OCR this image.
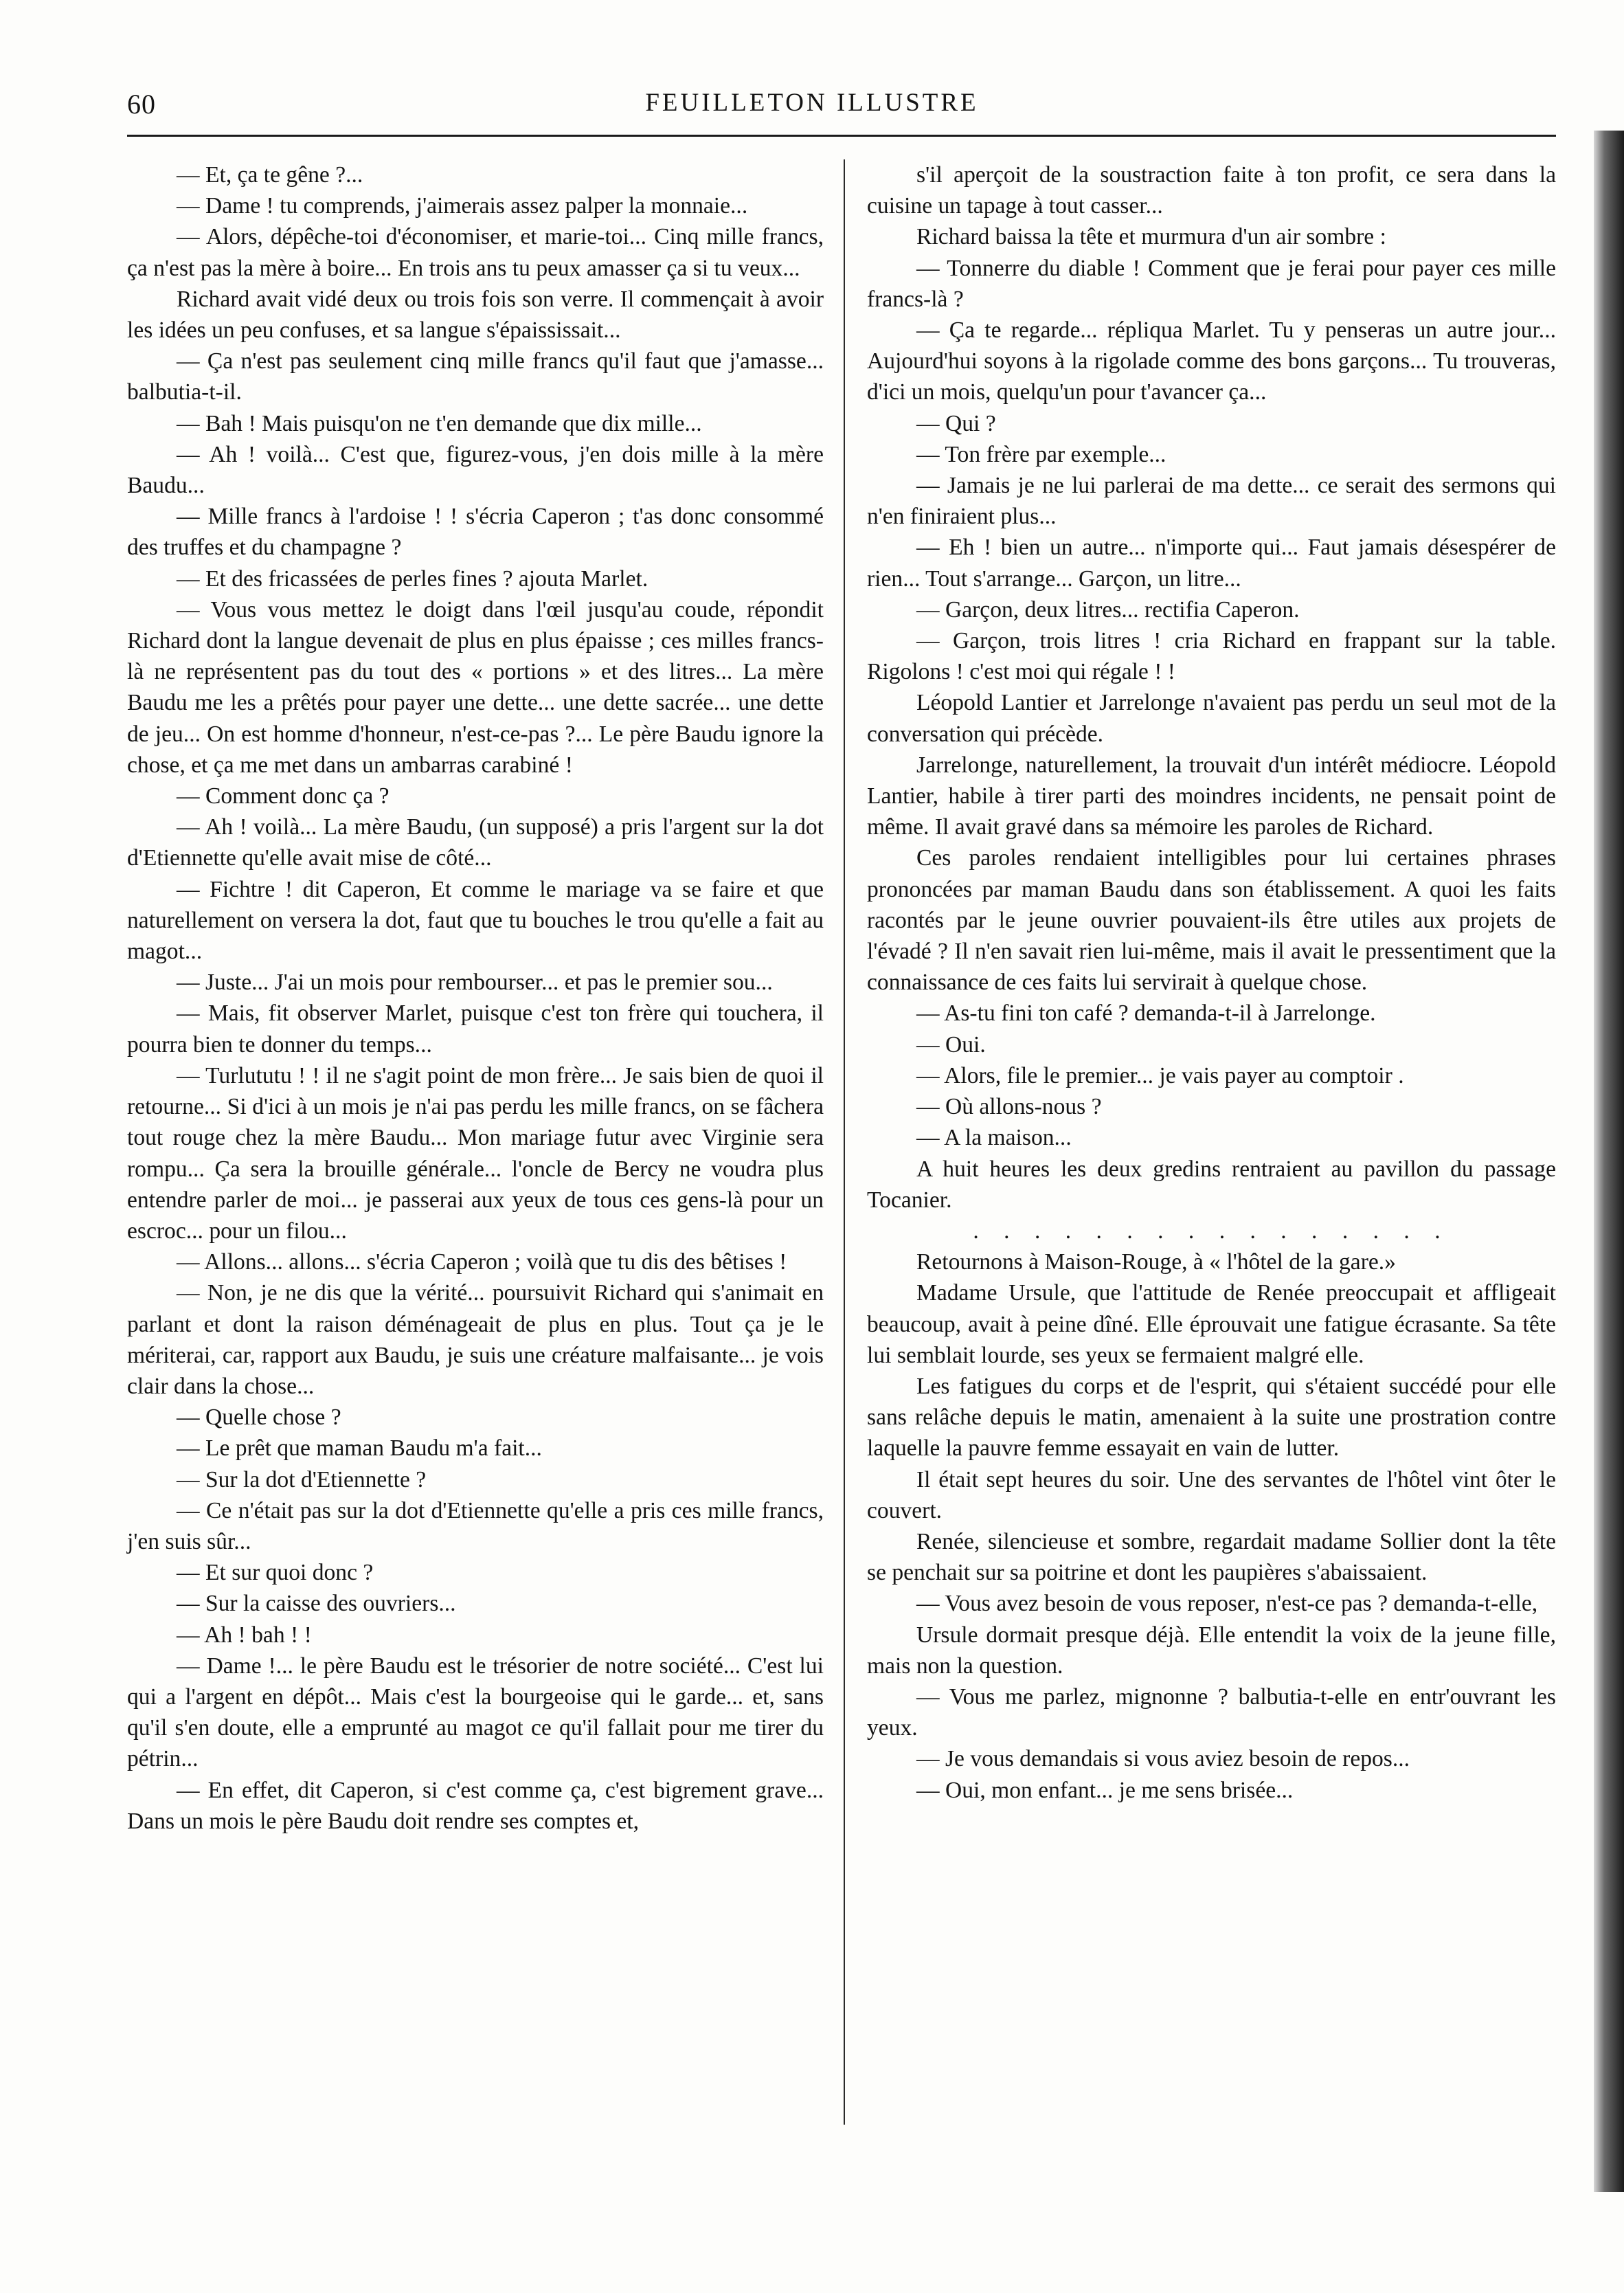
60	FEUILLETON ILLUSTRE

— Et, ça te gêne ?...

— Dame ! tu comprends, j'aimerais assez palper la monnaie...

— Alors, dépêche-toi d'économiser, et marie-toi... Cinq mille francs, ça n'est pas la mère à boire... En trois ans tu peux amasser ça si tu veux...

Richard avait vidé deux ou trois fois son verre. Il commençait à avoir les idées un peu confuses, et sa langue s'épaississait...

— Ça n'est pas seulement cinq mille francs qu'il faut que j'amasse... balbutia-t-il.

— Bah ! Mais puisqu'on ne t'en demande que dix mille...

— Ah ! voilà... C'est que, figurez-vous, j'en dois mille à la mère Baudu...

— Mille francs à l'ardoise ! ! s'écria Caperon ; t'as donc consommé des truffes et du champagne ?

— Et des fricassées de perles fines ? ajouta Marlet.

— Vous vous mettez le doigt dans l'œil jusqu'au coude, répondit Richard dont la langue devenait de plus en plus épaisse ; ces milles francs-là ne représentent pas du tout des « portions » et des litres... La mère Baudu me les a prêtés pour payer une dette... une dette sacrée... une dette de jeu... On est homme d'honneur, n'est-ce-pas ?... Le père Baudu ignore la chose, et ça me met dans un ambarras carabiné !

— Comment donc ça ?

— Ah ! voilà... La mère Baudu, (un supposé) a pris l'argent sur la dot d'Etiennette qu'elle avait mise de côté...

— Fichtre ! dit Caperon, Et comme le mariage va se faire et que naturellement on versera la dot, faut que tu bouches le trou qu'elle a fait au magot...

— Juste... J'ai un mois pour rembourser... et pas le premier sou...

— Mais, fit observer Marlet, puisque c'est ton frère qui touchera, il pourra bien te donner du temps...

— Turlututu ! ! il ne s'agit point de mon frère... Je sais bien de quoi il retourne... Si d'ici à un mois je n'ai pas perdu les mille francs, on se fâchera tout rouge chez la mère Baudu... Mon mariage futur avec Virginie sera rompu... Ça sera la brouille générale... l'oncle de Bercy ne voudra plus entendre parler de moi... je passerai aux yeux de tous ces gens-là pour un escroc... pour un filou...

— Allons... allons... s'écria Caperon ; voilà que tu dis des bêtises !

— Non, je ne dis que la vérité... poursuivit Richard qui s'animait en parlant et dont la raison déménageait de plus en plus. Tout ça je le mériterai, car, rapport aux Baudu, je suis une créature malfaisante... je vois clair dans la chose...

— Quelle chose ?

— Le prêt que maman Baudu m'a fait...

— Sur la dot d'Etiennette ?

— Ce n'était pas sur la dot d'Etiennette qu'elle a pris ces mille francs, j'en suis sûr...

— Et sur quoi donc ?

— Sur la caisse des ouvriers...

— Ah ! bah ! !

— Dame !... le père Baudu est le trésorier de notre société... C'est lui qui a l'argent en dépôt... Mais c'est la bourgeoise qui le garde... et, sans qu'il s'en doute, elle a emprunté au magot ce qu'il fallait pour me tirer du pétrin...

— En effet, dit Caperon, si c'est comme ça, c'est bigrement grave... Dans un mois le père Baudu doit rendre ses comptes et,

s'il aperçoit de la soustraction faite à ton profit, ce sera dans la cuisine un tapage à tout casser...

Richard baissa la tête et murmura d'un air sombre :

— Tonnerre du diable ! Comment que je ferai pour payer ces mille francs-là ?

— Ça te regarde... répliqua Marlet. Tu y penseras un autre jour... Aujourd'hui soyons à la rigolade comme des bons garçons... Tu trouveras, d'ici un mois, quelqu'un pour t'avancer ça...

— Qui ?

— Ton frère par exemple...

— Jamais je ne lui parlerai de ma dette... ce serait des sermons qui n'en finiraient plus...

— Eh ! bien un autre... n'importe qui... Faut jamais désespérer de rien... Tout s'arrange... Garçon, un litre...

— Garçon, deux litres... rectifia Caperon.

— Garçon, trois litres ! cria Richard en frappant sur la table. Rigolons ! c'est moi qui régale ! !

Léopold Lantier et Jarrelonge n'avaient pas perdu un seul mot de la conversation qui précède.

Jarrelonge, naturellement, la trouvait d'un intérêt médiocre. Léopold Lantier, habile à tirer parti des moindres incidents, ne pensait point de même. Il avait gravé dans sa mémoire les paroles de Richard.

Ces paroles rendaient intelligibles pour lui certaines phrases prononcées par maman Baudu dans son établissement. A quoi les faits racontés par le jeune ouvrier pouvaient-ils être utiles aux projets de l'évadé ? Il n'en savait rien lui-même, mais il avait le pressentiment que la connaissance de ces faits lui servirait à quelque chose.

— As-tu fini ton café ? demanda-t-il à Jarrelonge.

— Oui.

— Alors, file le premier... je vais payer au comptoir .

— Où allons-nous ?

— A la maison...

A huit heures les deux gredins rentraient au pavillon du passage Tocanier.

. . . . . . . . . . . . . . . .

Retournons à Maison-Rouge, à « l'hôtel de la gare.»

Madame Ursule, que l'attitude de Renée preoccupait et affligeait beaucoup, avait à peine dîné. Elle éprouvait une fatigue écrasante. Sa tête lui semblait lourde, ses yeux se fermaient malgré elle.

Les fatigues du corps et de l'esprit, qui s'étaient succédé pour elle sans relâche depuis le matin, amenaient à la suite une prostration contre laquelle la pauvre femme essayait en vain de lutter.

Il était sept heures du soir. Une des servantes de l'hôtel vint ôter le couvert.

Renée, silencieuse et sombre, regardait madame Sollier dont la tête se penchait sur sa poitrine et dont les paupières s'abaissaient.

— Vous avez besoin de vous reposer, n'est-ce pas ? demanda-t-elle,

Ursule dormait presque déjà. Elle entendit la voix de la jeune fille, mais non la question.

— Vous me parlez, mignonne ? balbutia-t-elle en entr'ouvrant les yeux.

— Je vous demandais si vous aviez besoin de repos...

— Oui, mon enfant... je me sens brisée...
